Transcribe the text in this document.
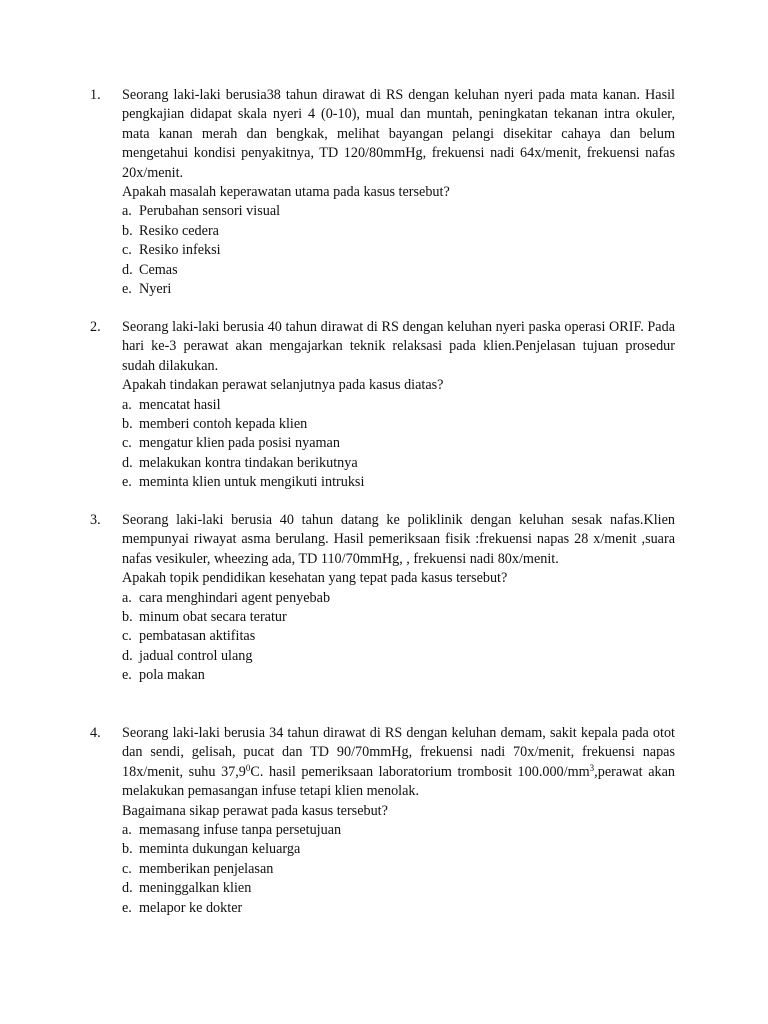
1. Seorang laki-laki berusia38 tahun dirawat di RS dengan keluhan nyeri pada mata kanan. Hasil pengkajian didapat skala nyeri 4 (0-10), mual dan muntah, peningkatan tekanan intra okuler, mata kanan merah dan bengkak, melihat bayangan pelangi disekitar cahaya dan belum mengetahui kondisi penyakitnya, TD 120/80mmHg, frekuensi nadi 64x/menit, frekuensi nafas 20x/menit.
Apakah masalah keperawatan utama pada kasus tersebut?
a. Perubahan sensori visual
b. Resiko cedera
c. Resiko infeksi
d. Cemas
e. Nyeri
2. Seorang laki-laki berusia 40 tahun dirawat di RS dengan keluhan nyeri paska operasi ORIF. Pada hari ke-3 perawat akan mengajarkan teknik relaksasi pada klien.Penjelasan tujuan prosedur sudah dilakukan.
Apakah tindakan perawat selanjutnya pada kasus diatas?
a. mencatat hasil
b. memberi contoh kepada klien
c. mengatur klien pada posisi nyaman
d. melakukan kontra tindakan berikutnya
e. meminta klien untuk mengikuti intruksi
3. Seorang laki-laki berusia 40 tahun datang ke poliklinik dengan keluhan sesak nafas.Klien mempunyai riwayat asma berulang. Hasil pemeriksaan fisik :frekuensi napas 28 x/menit ,suara nafas vesikuler, wheezing ada, TD 110/70mmHg, , frekuensi nadi 80x/menit.
Apakah topik pendidikan kesehatan yang tepat pada kasus tersebut?
a. cara menghindari agent penyebab
b. minum obat secara teratur
c. pembatasan aktifitas
d. jadual control ulang
e. pola makan
4. Seorang laki-laki berusia 34 tahun dirawat di RS dengan keluhan demam, sakit kepala pada otot dan sendi, gelisah, pucat dan TD 90/70mmHg, frekuensi nadi 70x/menit, frekuensi napas 18x/menit, suhu 37,9$^0$C. hasil pemeriksaan laboratorium trombosit $100.000/mm^3,perawat$ akan melakukan pemasangan infuse tetapi klien menolak.
Bagaimana sikap perawat pada kasus tersebut?
a. memasang infuse tanpa persetujuan
b. meminta dukungan keluarga
c. memberikan penjelasan
d. meninggalkan klien
e. melapor ke dokter
